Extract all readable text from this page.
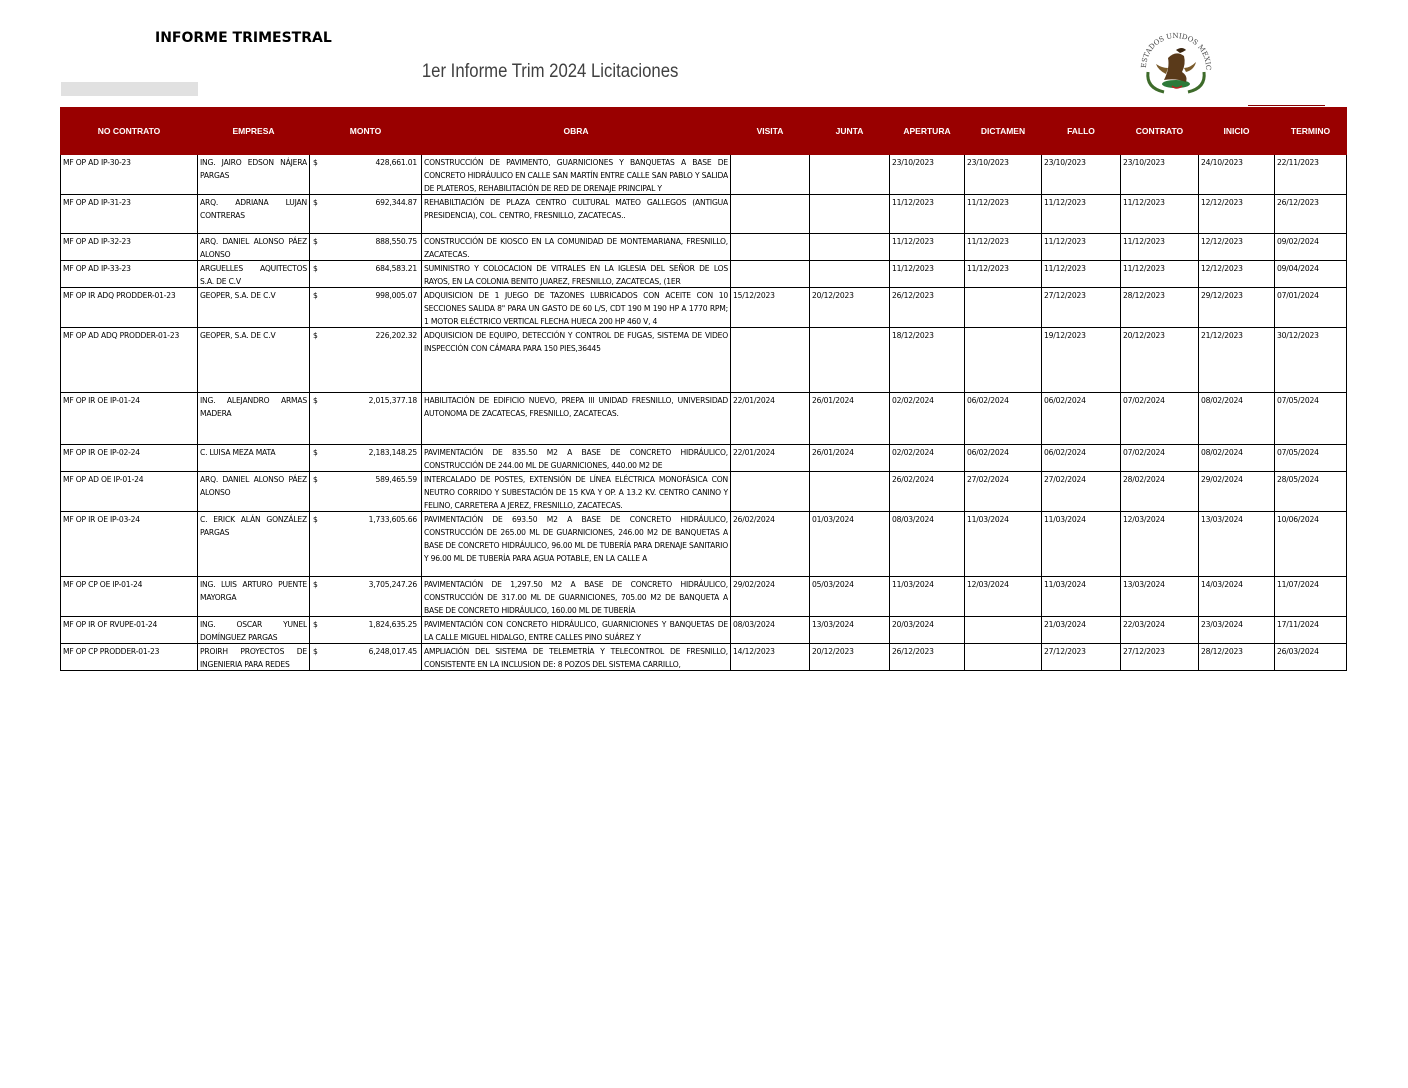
INFORME TRIMESTRAL
1er Informe Trim 2024 Licitaciones	ESTADOS UNIDOS MEXIC
NO CONTRATO	EMPRESA	MONTO	OBRA	VISITA	JUNTA	APERTURA	DICTAMEN	FALLO	CONTRATO	INICIO	TERMINO

MF OP AD IP-30-23	ING. JAIRO EDSON NÁJERA PARGAS	$ 428,661.01	CONSTRUCCIÓN DE PAVIMENTO, GUARNICIONES Y BANQUETAS A BASE DE CONCRETO HIDRÁULICO EN CALLE SAN MARTÍN ENTRE CALLE SAN PABLO Y SALIDA DE PLATEROS, REHABILITACIÓN DE RED DE DRENAJE PRINCIPAL Y			23/10/2023	23/10/2023	23/10/2023	23/10/2023	24/10/2023	22/11/2023

MF OP AD IP-31-23	ARQ. ADRIANA LUJAN CONTRERAS	$ 692,344.87	REHABILTIACIÓN DE PLAZA CENTRO CULTURAL MATEO GALLEGOS (ANTIGUA PRESIDENCIA), COL. CENTRO, FRESNILLO, ZACATECAS..			11/12/2023	11/12/2023	11/12/2023	11/12/2023	12/12/2023	26/12/2023

MF OP AD IP-32-23	ARQ. DANIEL ALONSO PÁEZ ALONSO	$ 888,550.75	CONSTRUCCIÓN DE KIOSCO EN LA COMUNIDAD DE MONTEMARIANA, FRESNILLO, ZACATECAS.			11/12/2023	11/12/2023	11/12/2023	11/12/2023	12/12/2023	09/02/2024

MF OP AD IP-33-23	ARGUELLES AQUITECTOS S.A. DE C.V	$ 684,583.21	SUMINISTRO Y COLOCACION DE VITRALES EN LA IGLESIA DEL SEÑOR DE LOS RAYOS, EN LA COLONIA BENITO JUAREZ, FRESNILLO, ZACATECAS, (1ER			11/12/2023	11/12/2023	11/12/2023	11/12/2023	12/12/2023	09/04/2024

MF OP IR ADQ PRODDER-01-23	GEOPER, S.A. DE C.V	$ 998,005.07	ADQUISICION DE 1 JUEGO DE TAZONES LUBRICADOS CON ACEITE CON 10 SECCIONES SALIDA 8" PARA UN GASTO DE 60 L/S, CDT 190 M 190 HP A 1770 RPM; 1 MOTOR ELÉCTRICO VERTICAL FLECHA HUECA 200 HP 460 V, 4	15/12/2023	20/12/2023	26/12/2023		27/12/2023	28/12/2023	29/12/2023	07/01/2024

MF OP AD ADQ PRODDER-01-23	GEOPER, S.A. DE C.V	$ 226,202.32	ADQUISICION DE EQUIPO, DETECCIÓN Y CONTROL DE FUGAS, SISTEMA DE VIDEO INSPECCIÓN CON CÁMARA PARA 150 PIES,36445			18/12/2023		19/12/2023	20/12/2023	21/12/2023	30/12/2023

MF OP IR OE IP-01-24	ING. ALEJANDRO ARMAS MADERA	$ 2,015,377.18	HABILITACIÓN DE EDIFICIO NUEVO, PREPA III UNIDAD FRESNILLO, UNIVERSIDAD AUTONOMA DE ZACATECAS, FRESNILLO, ZACATECAS.	22/01/2024	26/01/2024	02/02/2024	06/02/2024	06/02/2024	07/02/2024	08/02/2024	07/05/2024

MF OP IR OE IP-02-24	C. LUISA MEZA MATA	$ 2,183,148.25	PAVIMENTACIÓN DE 835.50 M2 A BASE DE CONCRETO HIDRÁULICO, CONSTRUCCIÓN DE 244.00 ML DE GUARNICIONES, 440.00 M2 DE	22/01/2024	26/01/2024	02/02/2024	06/02/2024	06/02/2024	07/02/2024	08/02/2024	07/05/2024

MF OP AD OE IP-01-24	ARQ. DANIEL ALONSO PÁEZ ALONSO	$ 589,465.59	INTERCALADO DE POSTES, EXTENSIÓN DE LÍNEA ELÉCTRICA MONOFÁSICA CON NEUTRO CORRIDO Y SUBESTACIÓN DE 15 KVA Y OP. A 13.2 KV. CENTRO CANINO Y FELINO, CARRETERA A JEREZ, FRESNILLO, ZACATECAS.			26/02/2024	27/02/2024	27/02/2024	28/02/2024	29/02/2024	28/05/2024

MF OP IR OE IP-03-24	C. ERICK ALÁN GONZÁLEZ PARGAS	$ 1,733,605.66	PAVIMENTACIÓN DE 693.50 M2 A BASE DE CONCRETO HIDRÁULICO, CONSTRUCCIÓN DE 265.00 ML DE GUARNICIONES, 246.00 M2 DE BANQUETAS A BASE DE CONCRETO HIDRÁULICO, 96.00 ML DE TUBERÍA PARA DRENAJE SANITARIO Y 96.00 ML DE TUBERÍA PARA AGUA POTABLE, EN LA CALLE A	26/02/2024	01/03/2024	08/03/2024	11/03/2024	11/03/2024	12/03/2024	13/03/2024	10/06/2024

MF OP CP OE IP-01-24	ING. LUIS ARTURO PUENTE MAYORGA	$ 3,705,247.26	PAVIMENTACIÓN DE 1,297.50 M2 A BASE DE CONCRETO HIDRÁULICO, CONSTRUCCIÓN DE 317.00 ML DE GUARNICIONES, 705.00 M2 DE BANQUETA A BASE DE CONCRETO HIDRÁULICO, 160.00 ML DE TUBERÍA	29/02/2024	05/03/2024	11/03/2024	12/03/2024	11/03/2024	13/03/2024	14/03/2024	11/07/2024

MF OP IR OF RVUPE-01-24	ING. OSCAR YUNEL DOMÍNGUEZ PARGAS	$ 1,824,635.25	PAVIMENTACIÓN CON CONCRETO HIDRÁULICO, GUARNICIONES Y BANQUETAS DE LA CALLE MIGUEL HIDALGO, ENTRE CALLES PINO SUÁREZ Y	08/03/2024	13/03/2024	20/03/2024		21/03/2024	22/03/2024	23/03/2024	17/11/2024

MF OP CP PRODDER-01-23	PROIRH PROYECTOS DE INGENIERIA PARA REDES	$ 6,248,017.45	AMPLIACIÓN DEL SISTEMA DE TELEMETRÍA Y TELECONTROL DE FRESNILLO, CONSISTENTE EN LA INCLUSION DE: 8 POZOS DEL SISTEMA CARRILLO,	14/12/2023	20/12/2023	26/12/2023		27/12/2023	27/12/2023	28/12/2023	26/03/2024
